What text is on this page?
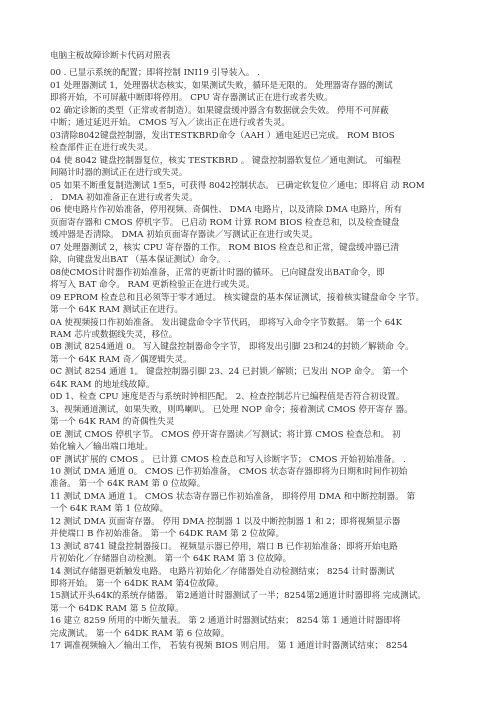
电脑主板故障诊断卡代码对照表
00 . 已显示系统的配置；即将控制 INI19 引导装入。 .
01 处理器测试 1，处理器状态核实，如果测试失败，循环是无限的。 处理器寄存器的测试
即将开始，不可屏蔽中断即将停用。 CPU 寄存器测试正在进行或者失败。
02 确定诊断的类型（正常或者制造）。如果键盘缓冲器含有数据就会失效。 停用不可屏蔽
中断；通过延迟开始。 CMOS 写入／读出正在进行或者失灵。
03清除8042键盘控制器，发出TESTKBRD命令（AAH ）通电延迟已完成。 ROM BIOS
检查部件正在进行或失灵。
04 使 8042 键盘控制器复位，核实 TESTKBRD 。 键盘控制器软复位／通电测试。 可编程
间隔计时器的测试正在进行或失灵。
05 如果不断重复制造测试 1至5，可获得 8042控制状态。 已确定软复位／通电；即将启 动 ROM
． DMA 初如准备正在进行或者失灵。
06 使电路片作初始准备，停用视频、奇偶性、 DMA 电路片，以及清除 DMA 电路片，所有
页面寄存器和 CMOS 停机字节。 已启动 ROM 计算 ROM BIOS 检查总和，以及检查键盘
缓冲器是否清除。 DMA 初始页面寄存器读／写测试正在进行或失灵。
07 处理器测试 2，核实 CPU 寄存器的工作。 ROM BIOS 检查总和正常，键盘缓冲器已清
除，向键盘发出BAT （基本保证测试）命令。 .
08使CMOS计时器作初始准备，正常的更新计时器的循环。 已向键盘发出BAT命令，即
将写入 BAT 命令。 RAM 更新检验正在进行或失灵。
09 EPROM 检查总和且必须等于零才通过。 核实键盘的基本保证测试，接着核实键盘命令 字节。
第一个 64K RAM 测试正在进行。
0A 使视频接口作初始准备。 发出键盘命令字节代码， 即将写入命令字节数据。 第一个 64K
RAM 芯片或数据线失灵，移位。
0B 测试 8254通道 0。 写入键盘控制器命令字节， 即将发出引脚 23和24的封锁／解锁命 令。
第一个 64K RAM 奇／偶逻辑失灵。
0C 测试 8254 通道 1。 键盘控制器引脚 23、24 已封锁／解锁；已发出 NOP 命令。 第一个
64K RAM 的地址线故障。
0D 1、检查 CPU 速度是否与系统时钟相匹配。 2、检查控制芯片已编程值是否符合初设置。
3、视频通道测试，如果失败，则鸣喇叭。 已处理 NOP 命令；接着测试 CMOS 停开寄存 器。
第一个 64K RAM 的奇偶性失灵
0E 测试 CMOS 停机字节。 CMOS 停开寄存器读／写测试；将计算 CMOS 检查总和。 初
始化输入／输出端口地址。
0F 测试扩展的 CMOS 。 已计算 CMOS 检查总和写入诊断字节； CMOS 开始初始准备。 .
10 测试 DMA 通道 0。 CMOS 已作初始准备， CMOS 状态寄存器即将为日期和时间作初始
准备。 第一个 64K RAM 第 0 位故障。
11 测试 DMA 通道 1。 CMOS 状态寄存器已作初始准备， 即将停用 DMA 和中断控制器。 第
一个 64K RAM 第 1 位故障。
12 测试 DMA 页面寄存器。 停用 DMA 控制器 1 以及中断控制器 1 和 2；即将视频显示器
并使端口 B 作初始准备。 第一个 64DK RAM 第 2 位故障。
13 测试 8741 键盘控制器接口。 视频显示器已停用，端口 B 已作初始准备；即将开始电路
片初始化／存储器自动检测。 第一个 64K RAM 第 3 位故障。
14 测试存储器更新触发电路。 电路片初始化／存储器处自动检测结束； 8254 计时器测试
即将开始。 第一个 64DK RAM 第4位故障。
15测试开头64K的系统存储器。 第2通道计时器测试了一半；8254第2通道计时器即将 完成测试。
第一个 64DK RAM 第 5 位故障。
16 建立 8259 所用的中断矢量表。 第 2 通道计时器测试结束； 8254 第 1 通道计时器即将
完成测试。 第一个 64DK RAM 第 6 位故障。
17 调准视频输入／输出工作， 若装有视频 BIOS 则启用。 第 1 通道计时器测试结束； 8254
